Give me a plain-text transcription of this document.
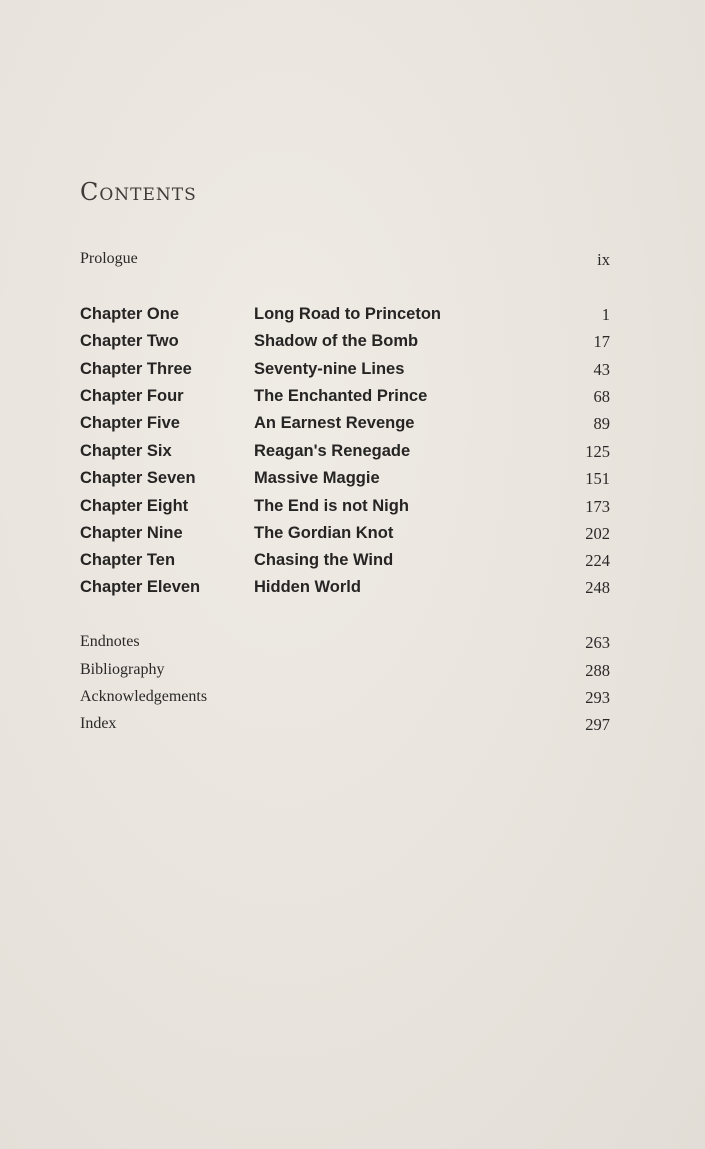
Contents
Prologue	ix
Chapter One	Long Road to Princeton	1
Chapter Two	Shadow of the Bomb	17
Chapter Three	Seventy-nine Lines	43
Chapter Four	The Enchanted Prince	68
Chapter Five	An Earnest Revenge	89
Chapter Six	Reagan's Renegade	125
Chapter Seven	Massive Maggie	151
Chapter Eight	The End is not Nigh	173
Chapter Nine	The Gordian Knot	202
Chapter Ten	Chasing the Wind	224
Chapter Eleven	Hidden World	248
Endnotes	263
Bibliography	288
Acknowledgements	293
Index	297
